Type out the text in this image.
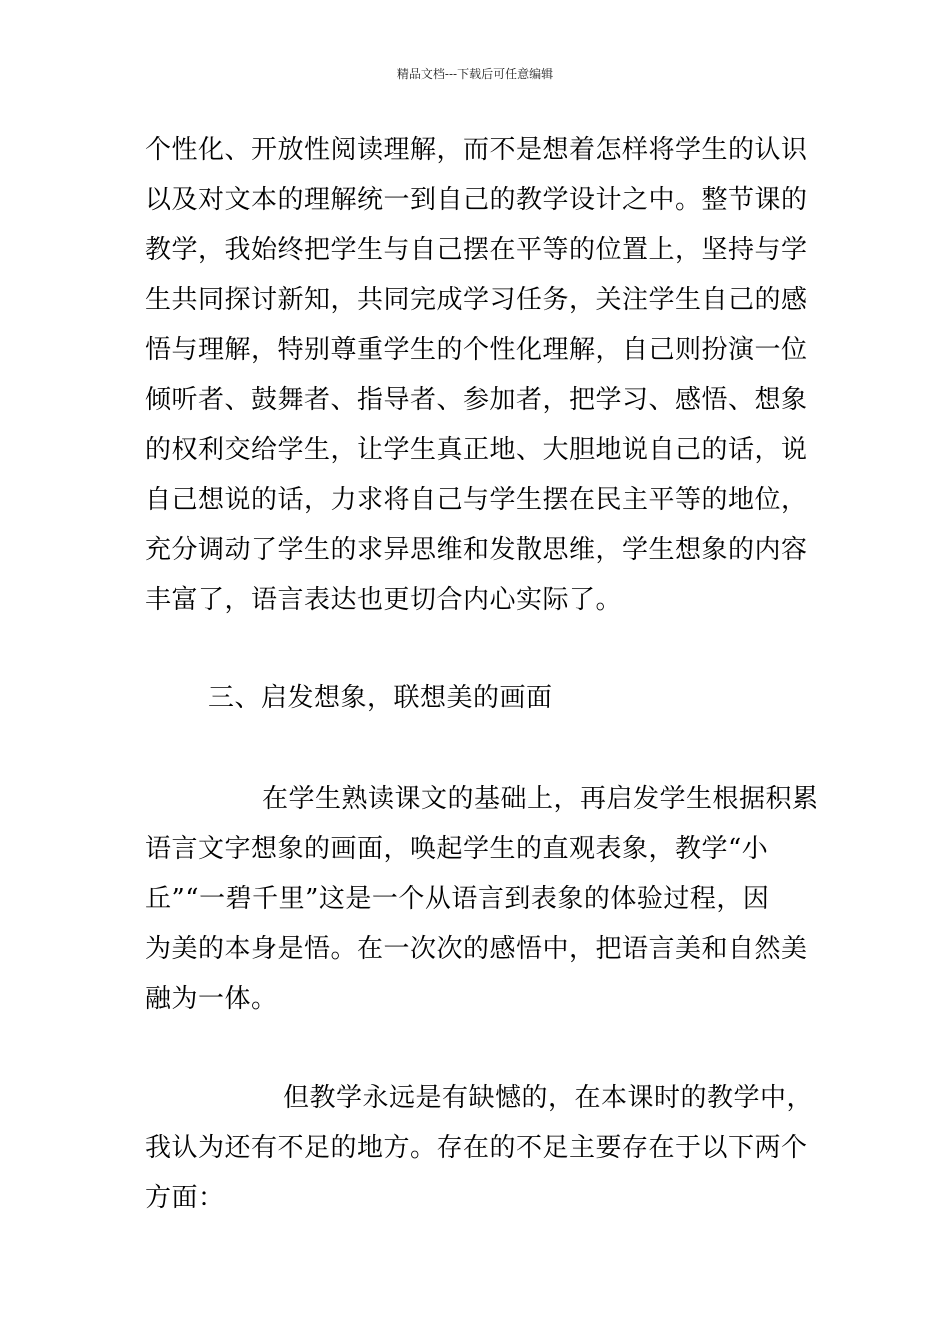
精品文档---下载后可任意编辑
个性化、开放性阅读理解，而不是想着怎样将学生的认识
以及对文本的理解统一到自己的教学设计之中。整节课的
教学，我始终把学生与自己摆在平等的位置上，坚持与学
生共同探讨新知，共同完成学习任务，关注学生自己的感
悟与理解，特别尊重学生的个性化理解，自己则扮演一位
倾听者、鼓舞者、指导者、参加者，把学习、感悟、想象
的权利交给学生，让学生真正地、大胆地说自己的话，说
自己想说的话，力求将自己与学生摆在民主平等的地位，
充分调动了学生的求异思维和发散思维，学生想象的内容
丰富了，语言表达也更切合内心实际了。
三、启发想象，联想美的画面
在学生熟读课文的基础上，再启发学生根据积累
语言文字想象的画面，唤起学生的直观表象，教学“小
丘”“一碧千里”这是一个从语言到表象的体验过程，因
为美的本身是悟。在一次次的感悟中，把语言美和自然美
融为一体。
但教学永远是有缺憾的，在本课时的教学中，
我认为还有不足的地方。存在的不足主要存在于以下两个
方面：
